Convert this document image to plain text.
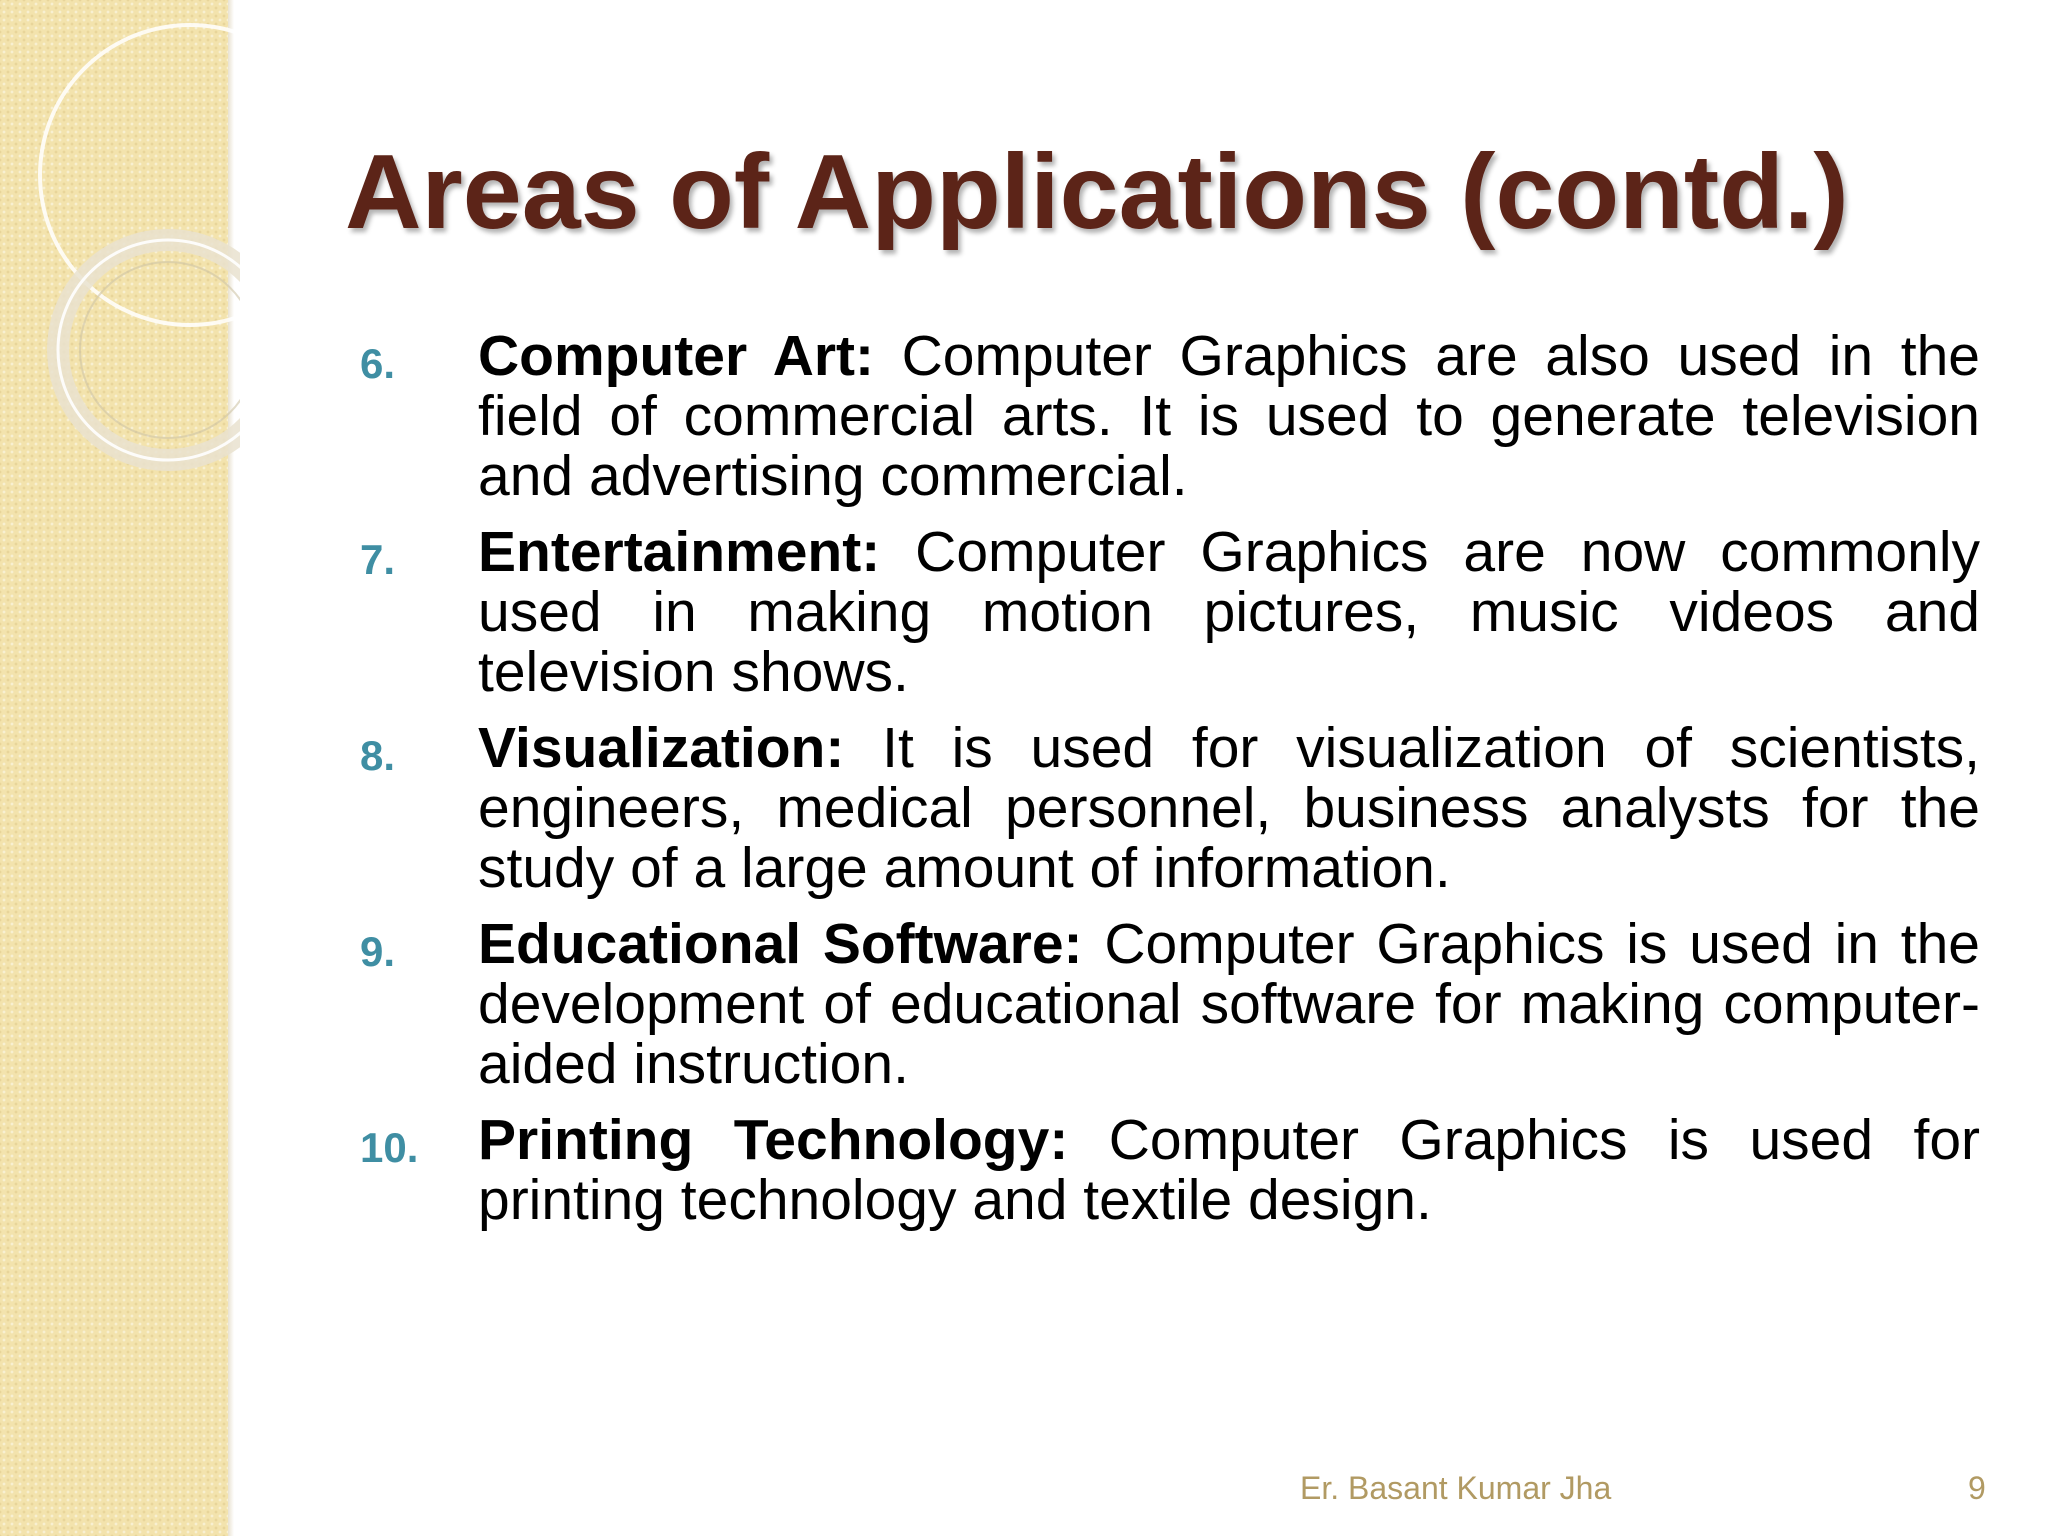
Areas of Applications (contd.)
6. Computer Art: Computer Graphics are also used in the field of commercial arts. It is used to generate television and advertising commercial.
7. Entertainment: Computer Graphics are now commonly used in making motion pictures, music videos and television shows.
8. Visualization: It is used for visualization of scientists, engineers, medical personnel, business analysts for the study of a large amount of information.
9. Educational Software: Computer Graphics is used in the development of educational software for making computer-aided instruction.
10. Printing Technology: Computer Graphics is used for printing technology and textile design.
Er. Basant Kumar Jha	9
